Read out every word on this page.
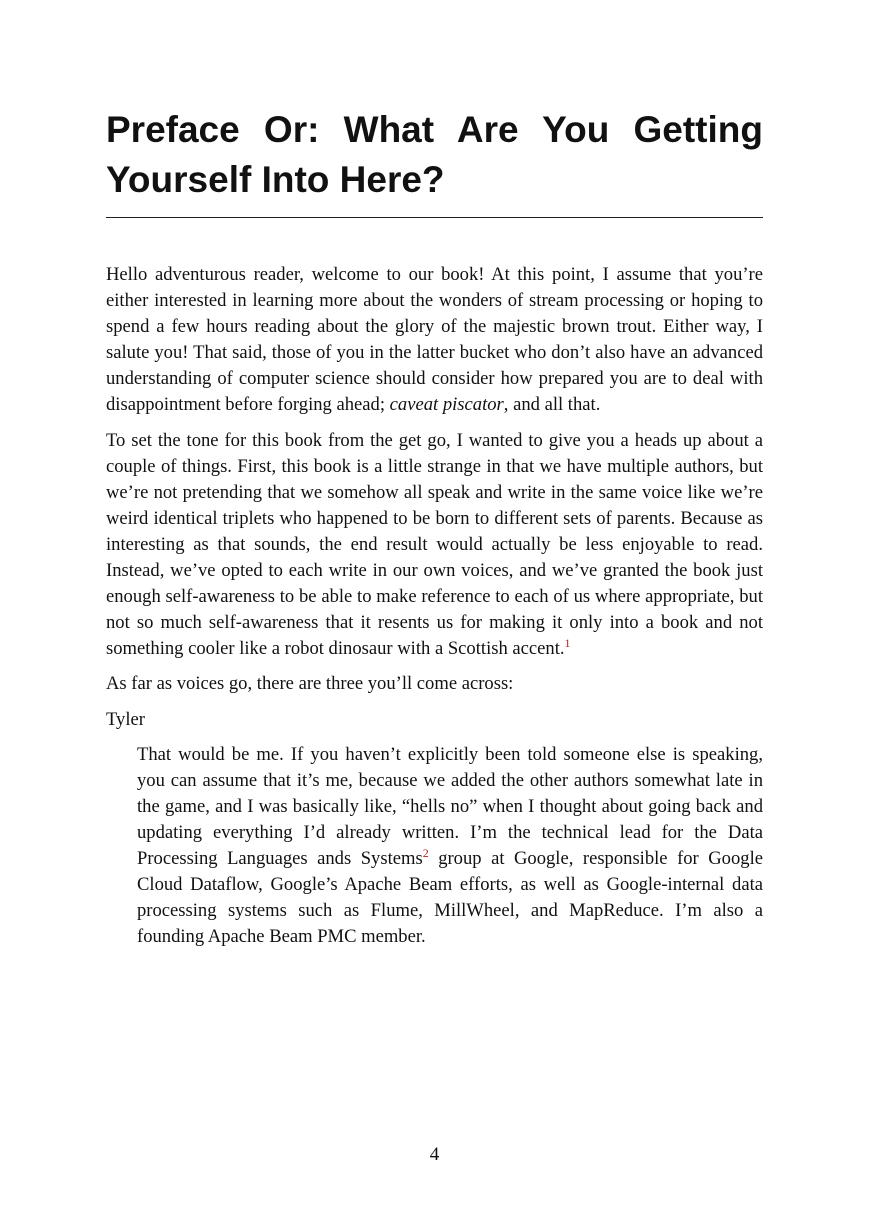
Preface Or: What Are You Getting Yourself Into Here?

Hello adventurous reader, welcome to our book! At this point, I assume that you’re either interested in learning more about the wonders of stream processing or hoping to spend a few hours reading about the glory of the majestic brown trout. Either way, I salute you! That said, those of you in the latter bucket who don’t also have an advanced understanding of computer science should consider how prepared you are to deal with disappointment before forging ahead; caveat piscator, and all that.

To set the tone for this book from the get go, I wanted to give you a heads up about a couple of things. First, this book is a little strange in that we have multiple authors, but we’re not pretending that we somehow all speak and write in the same voice like we’re weird identical triplets who happened to be born to different sets of parents. Because as interesting as that sounds, the end result would actually be less enjoyable to read. Instead, we’ve opted to each write in our own voices, and we’ve granted the book just enough self-awareness to be able to make reference to each of us where appropriate, but not so much self-awareness that it resents us for making it only into a book and not something cooler like a robot dinosaur with a Scottish accent.$^1$

As far as voices go, there are three you’ll come across:

Tyler

That would be me. If you haven’t explicitly been told someone else is speaking, you can assume that it’s me, because we added the other authors somewhat late in the game, and I was basically like, “hells no” when I thought about going back and updating everything I’d already written. I’m the technical lead for the Data Processing Languages ands Systems$^2$ group at Google, responsible for Google Cloud Dataflow, Google’s Apache Beam efforts, as well as Google-internal data processing systems such as Flume, MillWheel, and MapReduce. I’m also a founding Apache Beam PMC member.

4
